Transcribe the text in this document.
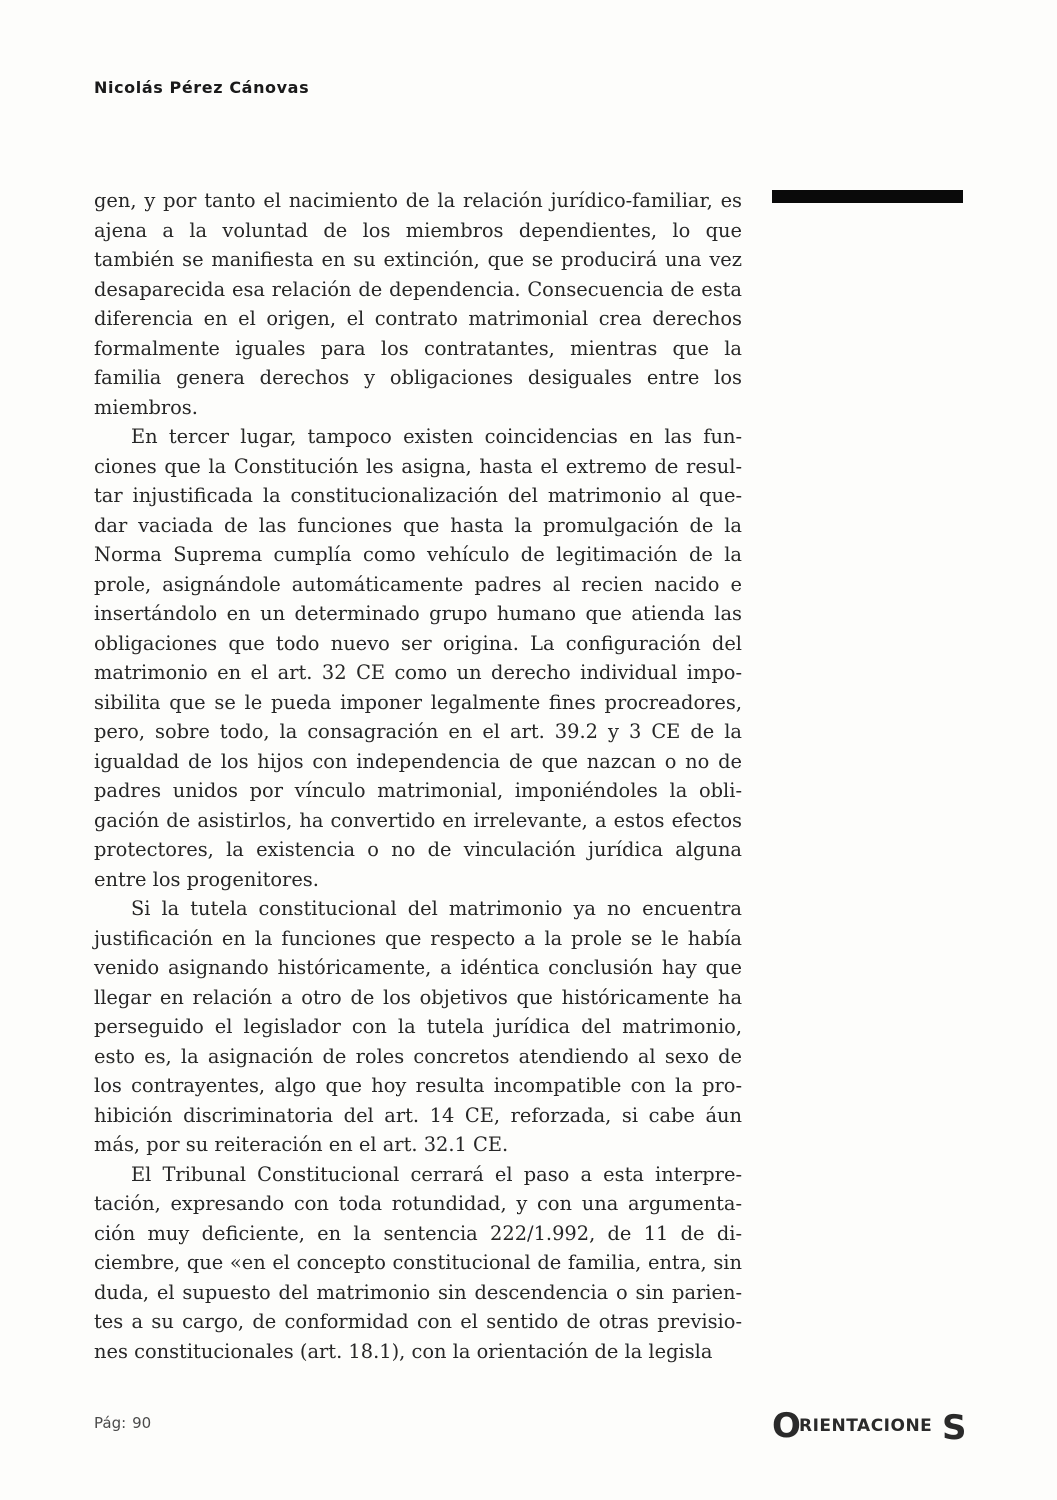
Nicolás Pérez Cánovas

gen, y por tanto el nacimiento de la relación jurídico-familiar, es ajena a la voluntad de los miembros dependientes, lo que también se manifiesta en su extinción, que se producirá una vez desaparecida esa relación de dependencia. Consecuencia de esta diferencia en el origen, el contrato matrimonial crea derechos formalmente iguales para los contratantes, mientras que la familia genera derechos y obligaciones desiguales entre los miembros.

En tercer lugar, tampoco existen coincidencias en las funciones que la Constitución les asigna, hasta el extremo de resultar injustificada la constitucionalización del matrimonio al quedar vaciada de las funciones que hasta la promulgación de la Norma Suprema cumplía como vehículo de legitimación de la prole, asignándole automáticamente padres al recien nacido e insertándolo en un determinado grupo humano que atienda las obligaciones que todo nuevo ser origina. La configuración del matrimonio en el art. 32 CE como un derecho individual imposibilita que se le pueda imponer legalmente fines procreadores, pero, sobre todo, la consagración en el art. 39.2 y 3 CE de la igualdad de los hijos con independencia de que nazcan o no de padres unidos por vínculo matrimonial, imponiéndoles la obligación de asistirlos, ha convertido en irrelevante, a estos efectos protectores, la existencia o no de vinculación jurídica alguna entre los progenitores.

Si la tutela constitucional del matrimonio ya no encuentra justificación en la funciones que respecto a la prole se le había venido asignando históricamente, a idéntica conclusión hay que llegar en relación a otro de los objetivos que históricamente ha perseguido el legislador con la tutela jurídica del matrimonio, esto es, la asignación de roles concretos atendiendo al sexo de los contrayentes, algo que hoy resulta incompatible con la prohibición discriminatoria del art. 14 CE, reforzada, si cabe áun más, por su reiteración en el art. 32.1 CE.

El Tribunal Constitucional cerrará el paso a esta interpretación, expresando con toda rotundidad, y con una argumentación muy deficiente, en la sentencia 222/1.992, de 11 de diciembre, que «en el concepto constitucional de familia, entra, sin duda, el supuesto del matrimonio sin descendencia o sin parientes a su cargo, de conformidad con el sentido de otras previsiones constitucionales (art. 18.1), con la orientación de la legisla

Pág: 90	O
RIENTACIONE S
